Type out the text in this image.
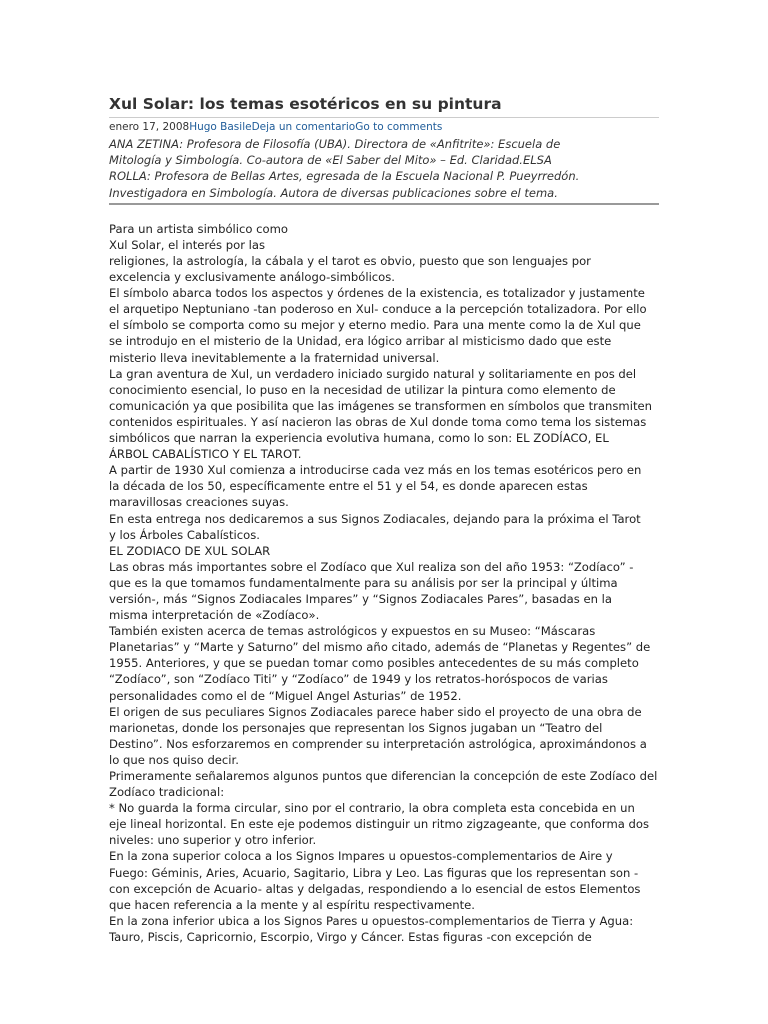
Xul Solar: los temas esotéricos en su pintura
enero 17, 2008Hugo BasileDeja un comentarioGo to comments
ANA ZETINA: Profesora de Filosofía (UBA). Directora de «Anfitrite»: Escuela de
Mitología y Simbología. Co-autora de «El Saber del Mito» – Ed. Claridad.ELSA
ROLLA: Profesora de Bellas Artes, egresada de la Escuela Nacional P. Pueyrredón.
Investigadora en Simbología. Autora de diversas publicaciones sobre el tema.
Para un artista simbólico como
Xul Solar, el interés por las
religiones, la astrología, la cábala y el tarot es obvio, puesto que son lenguajes por
excelencia y exclusivamente análogo-simbólicos.
El símbolo abarca todos los aspectos y órdenes de la existencia, es totalizador y justamente
el arquetipo Neptuniano -tan poderoso en Xul- conduce a la percepción totalizadora. Por ello
el símbolo se comporta como su mejor y eterno medio. Para una mente como la de Xul que
se introdujo en el misterio de la Unidad, era lógico arribar al misticismo dado que este
misterio lleva inevitablemente a la fraternidad universal.
La gran aventura de Xul, un verdadero iniciado surgido natural y solitariamente en pos del
conocimiento esencial, lo puso en la necesidad de utilizar la pintura como elemento de
comunicación ya que posibilita que las imágenes se transformen en símbolos que transmiten
contenidos espirituales. Y así nacieron las obras de Xul donde toma como tema los sistemas
simbólicos que narran la experiencia evolutiva humana, como lo son: EL ZODÍACO, EL
ÁRBOL CABALÍSTICO Y EL TAROT.
A partir de 1930 Xul comienza a introducirse cada vez más en los temas esotéricos pero en
la década de los 50, específicamente entre el 51 y el 54, es donde aparecen estas
maravillosas creaciones suyas.
En esta entrega nos dedicaremos a sus Signos Zodiacales, dejando para la próxima el Tarot
y los Árboles Cabalísticos.
EL ZODIACO DE XUL SOLAR
Las obras más importantes sobre el Zodíaco que Xul realiza son del año 1953: “Zodíaco” -
que es la que tomamos fundamentalmente para su análisis por ser la principal y última
versión-, más “Signos Zodiacales Impares” y “Signos Zodiacales Pares”, basadas en la
misma interpretación de «Zodíaco».
También existen acerca de temas astrológicos y expuestos en su Museo: “Máscaras
Planetarias” y “Marte y Saturno” del mismo año citado, además de “Planetas y Regentes” de
1955. Anteriores, y que se puedan tomar como posibles antecedentes de su más completo
“Zodíaco”, son “Zodíaco Titi” y “Zodíaco” de 1949 y los retratos-horóspocos de varias
personalidades como el de “Miguel Angel Asturias” de 1952.
El origen de sus peculiares Signos Zodiacales parece haber sido el proyecto de una obra de
marionetas, donde los personajes que representan los Signos jugaban un “Teatro del
Destino”. Nos esforzaremos en comprender su interpretación astrológica, aproximándonos a
lo que nos quiso decir.
Primeramente señalaremos algunos puntos que diferencian la concepción de este Zodíaco del
Zodíaco tradicional:
* No guarda la forma circular, sino por el contrario, la obra completa esta concebida en un
eje lineal horizontal. En este eje podemos distinguir un ritmo zigzageante, que conforma dos
niveles: uno superior y otro inferior.
En la zona superior coloca a los Signos Impares u opuestos-complementarios de Aire y
Fuego: Géminis, Aries, Acuario, Sagitario, Libra y Leo. Las figuras que los representan son -
con excepción de Acuario- altas y delgadas, respondiendo a lo esencial de estos Elementos
que hacen referencia a la mente y al espíritu respectivamente.
En la zona inferior ubica a los Signos Pares u opuestos-complementarios de Tierra y Agua:
Tauro, Piscis, Capricornio, Escorpio, Virgo y Cáncer. Estas figuras -con excepción de
